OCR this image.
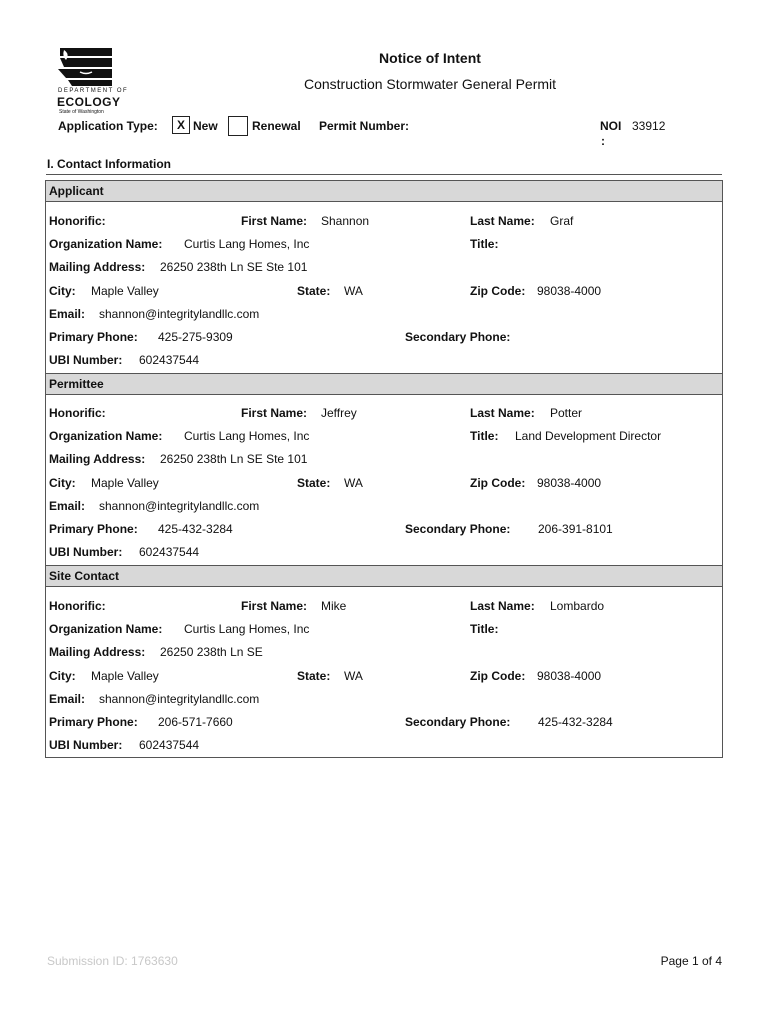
DEPARTMENT OF
ECOLOGY
State of Washington
Notice of Intent
Construction Stormwater General Permit
Application Type:	X New	Renewal Permit Number:	NOI
:
33912
I. Contact Information
Applicant
Honorific:	First Name: Shannon	Last Name: Graf
Organization Name: Curtis Lang Homes, Inc	Title:
Mailing Address: 26250 238th Ln SE Ste 101
City: Maple Valley	State: WA	Zip Code: 98038-4000
Email: shannon@integritylandllc.com
Primary Phone: 425-275-9309	Secondary Phone:
UBI Number: 602437544
Permittee
Honorific:	First Name: Jeffrey	Last Name: Potter
Organization Name: Curtis Lang Homes, Inc	Title: Land Development Director
Mailing Address: 26250 238th Ln SE Ste 101
City: Maple Valley	State: WA	Zip Code: 98038-4000
Email: shannon@integritylandllc.com
Primary Phone: 425-432-3284	Secondary Phone: 206-391-8101
UBI Number: 602437544
Site Contact
Honorific:	First Name: Mike	Last Name: Lombardo
Organization Name: Curtis Lang Homes, Inc	Title:
Mailing Address: 26250 238th Ln SE
City: Maple Valley	State: WA	Zip Code: 98038-4000
Email: shannon@integritylandllc.com
Primary Phone: 206-571-7660	Secondary Phone: 425-432-3284
UBI Number: 602437544
Submission ID: 1763630	Page 1 of 4
